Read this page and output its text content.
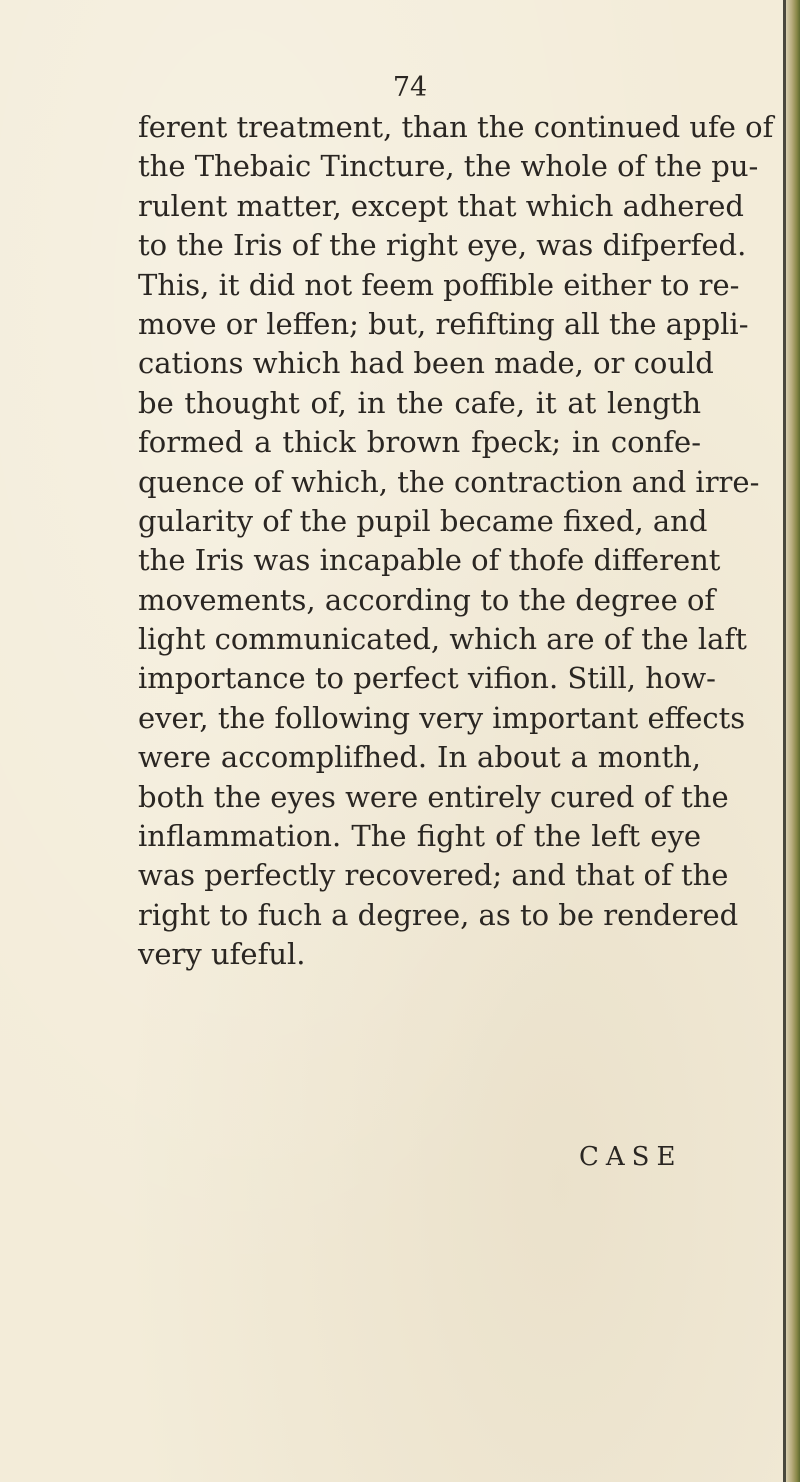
74
ferent treatment, than the continued ufe of
the Thebaic Tincture, the whole of the pu-
rulent matter, except that which adhered
to the Iris of the right eye, was difperfed.
This, it did not feem poffible either to re-
move or leffen; but, refifting all the appli-
cations which had been made, or could
be thought of, in the cafe, it at length
formed a thick brown fpeck; in confe-
quence of which, the contraction and irre-
gularity of the pupil became fixed, and
the Iris was incapable of thofe different
movements, according to the degree of
light communicated, which are of the laft
importance to perfect vifion. Still, how-
ever, the following very important effects
were accomplifhed. In about a month,
both the eyes were entirely cured of the
inflammation. The fight of the left eye
was perfectly recovered; and that of the
right to fuch a degree, as to be rendered
very ufeful.
CASE
